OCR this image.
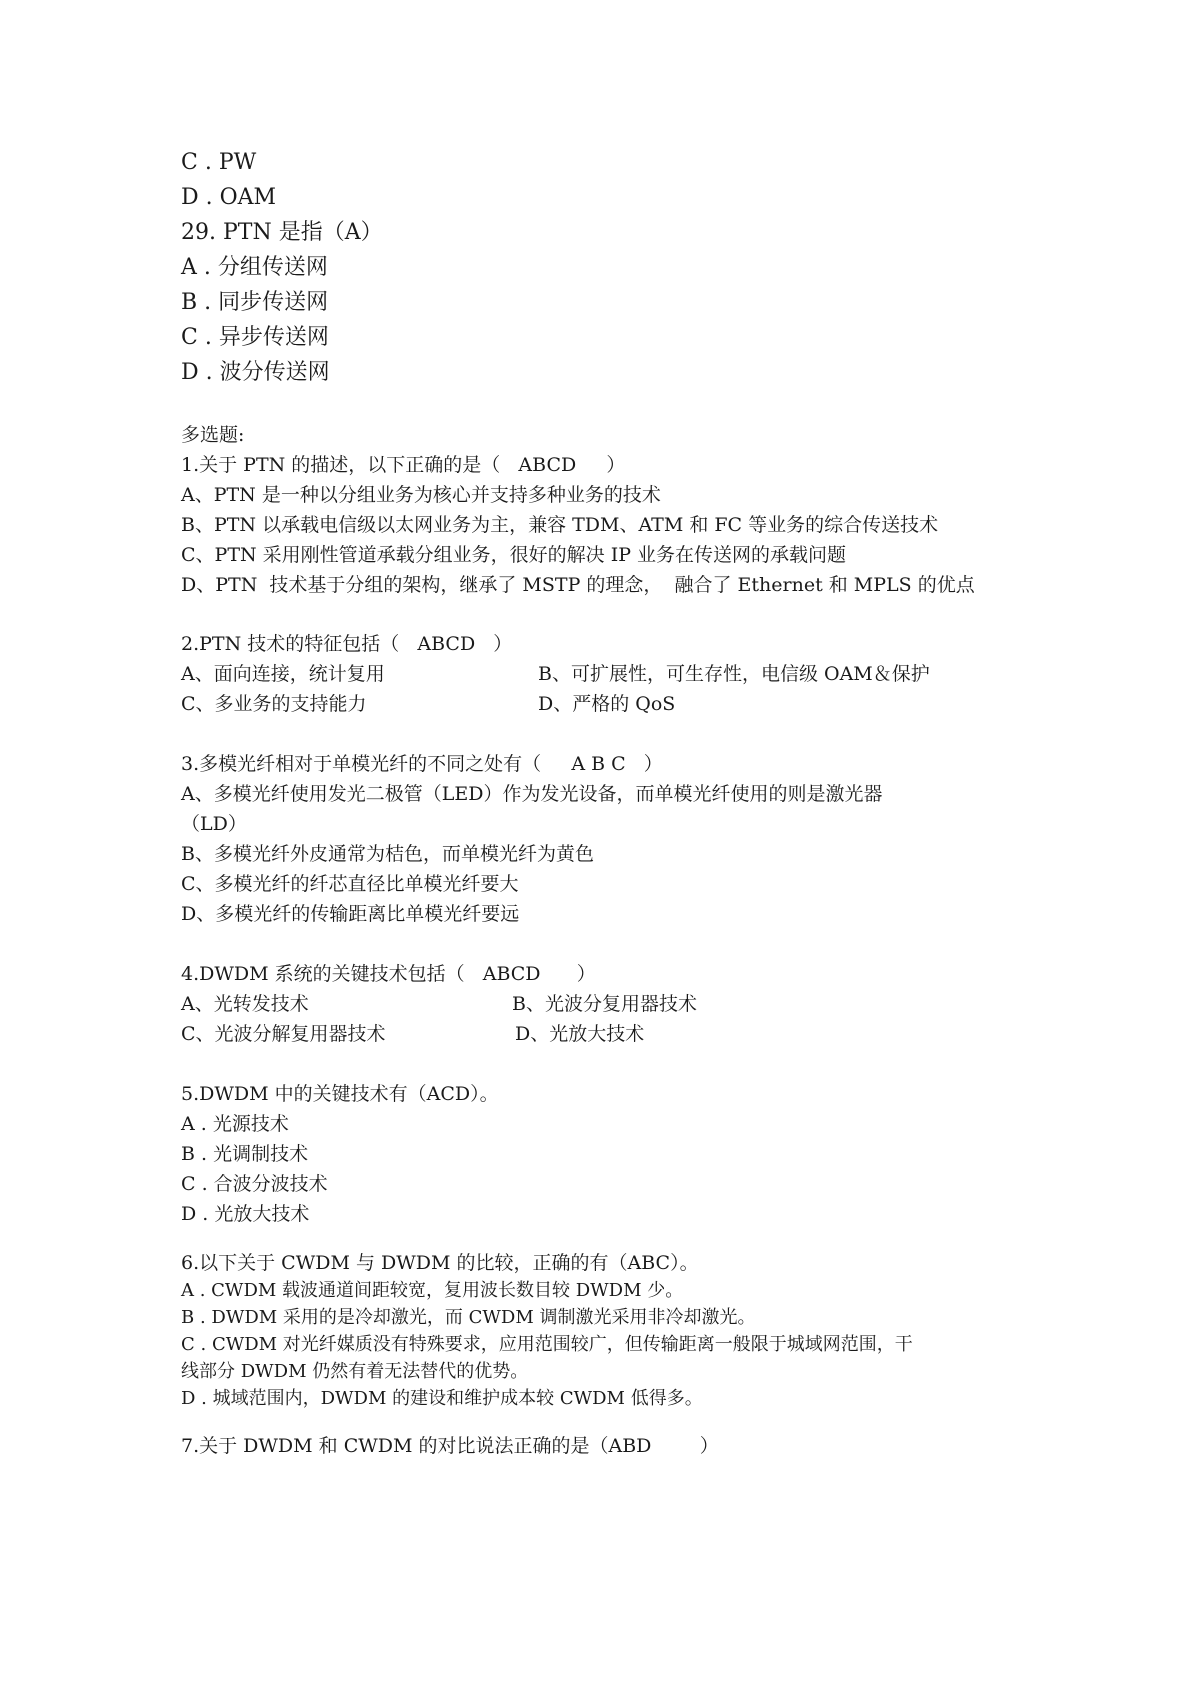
C . PW
D . OAM
29. PTN 是指（A）
A . 分组传送网
B . 同步传送网
C . 异步传送网
D . 波分传送网
多选题:
1.关于 PTN 的描述，以下正确的是（   ABCD     ）
A、PTN 是一种以分组业务为核心并支持多种业务的技术
B、PTN 以承载电信级以太网业务为主，兼容 TDM、ATM 和 FC 等业务的综合传送技术
C、PTN 采用刚性管道承载分组业务，很好的解决 IP 业务在传送网的承载问题
D、PTN  技术基于分组的架构，继承了 MSTP 的理念，  融合了 Ethernet 和 MPLS 的优点
2.PTN 技术的特征包括（   ABCD   ）
A、面向连接，统计复用	B、可扩展性，可生存性，电信级 OAM＆保护
C、多业务的支持能力	D、严格的 QoS
3.多模光纤相对于单模光纤的不同之处有（     A B C   ）
A、多模光纤使用发光二极管（LED）作为发光设备，而单模光纤使用的则是激光器
（LD）
B、多模光纤外皮通常为桔色，而单模光纤为黄色
C、多模光纤的纤芯直径比单模光纤要大
D、多模光纤的传输距离比单模光纤要远
4.DWDM 系统的关键技术包括（   ABCD      ）
A、光转发技术	B、光波分复用器技术
C、光波分解复用器技术	D、光放大技术
5.DWDM 中的关键技术有（ACD）。
A . 光源技术
B . 光调制技术
C . 合波分波技术
D . 光放大技术
6.以下关于 CWDM 与 DWDM 的比较，正确的有（ABC）。
A . CWDM 载波通道间距较宽，复用波长数目较 DWDM 少。
B . DWDM 采用的是冷却激光，而 CWDM 调制激光采用非冷却激光。
C . CWDM 对光纤媒质没有特殊要求，应用范围较广，但传输距离一般限于城域网范围，干
线部分 DWDM 仍然有着无法替代的优势。
D . 城域范围内，DWDM 的建设和维护成本较 CWDM 低得多。
7.关于 DWDM 和 CWDM 的对比说法正确的是（ABD        ）
